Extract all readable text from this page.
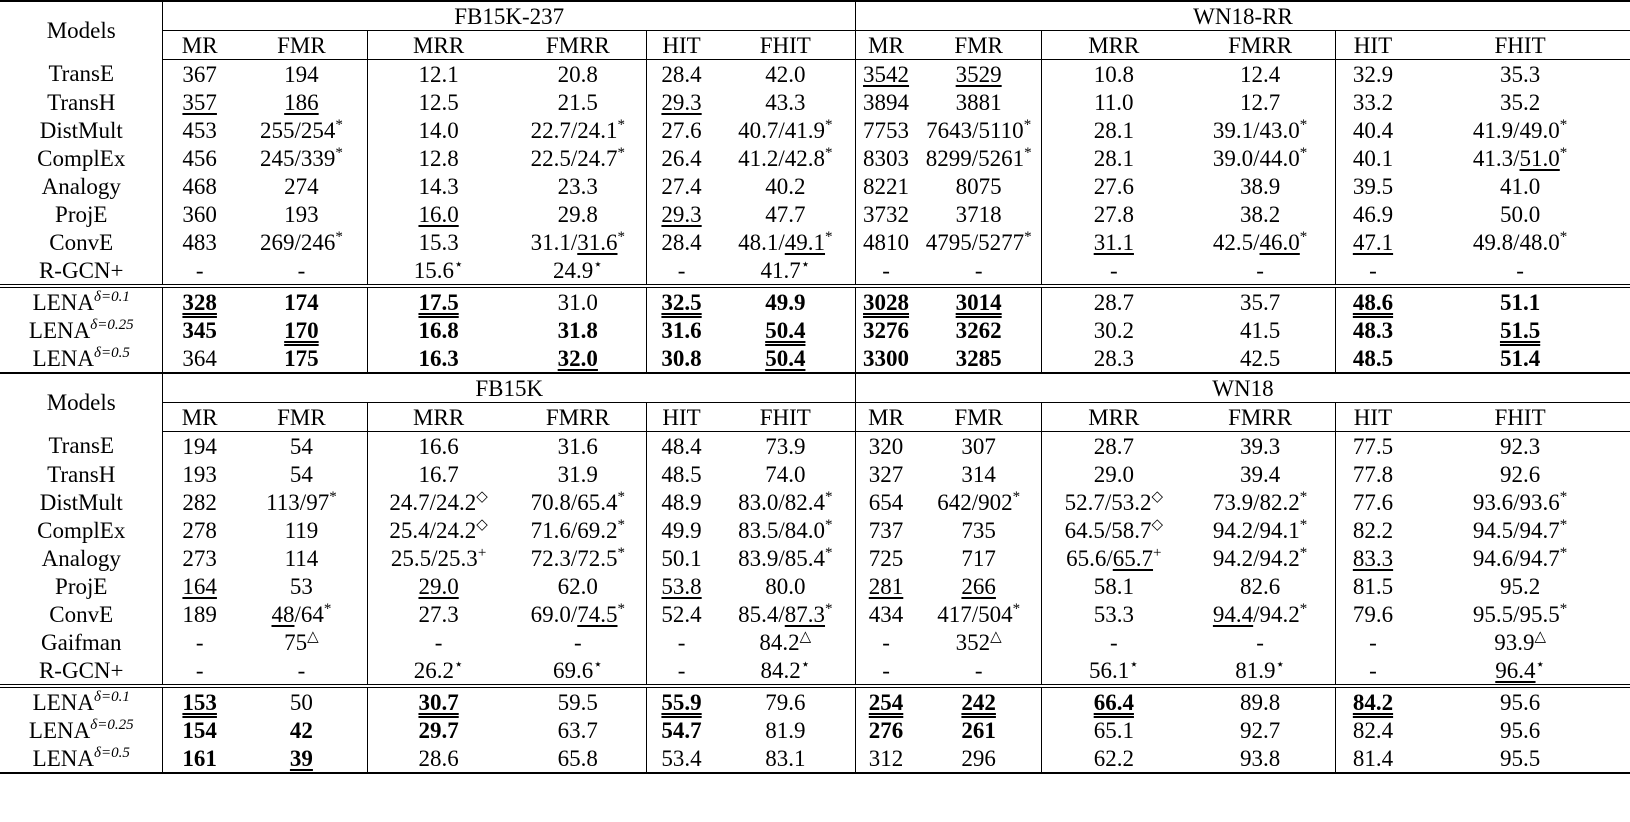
Models	FB15K-237						WN18-RR					
	MR	FMR	MRR	FMRR	HIT	FHIT	MR	FMR	MRR	FMRR	HIT	FHIT
TransE	367	194	12.1	20.8	28.4	42.0	3542	3529	10.8	12.4	32.9	35.3
TransH	357	186	12.5	21.5	29.3	43.3	3894	3881	11.0	12.7	33.2	35.2
DistMult	453	255/254*	14.0	22.7/24.1*	27.6	40.7/41.9*	7753	7643/5110*	28.1	39.1/43.0*	40.4	41.9/49.0*
ComplEx	456	245/339*	12.8	22.5/24.7*	26.4	41.2/42.8*	8303	8299/5261*	28.1	39.0/44.0*	40.1	41.3/51.0*
Analogy	468	274	14.3	23.3	27.4	40.2	8221	8075	27.6	38.9	39.5	41.0
ProjE	360	193	16.0	29.8	29.3	47.7	3732	3718	27.8	38.2	46.9	50.0
ConvE	483	269/246*	15.3	31.1/31.6*	28.4	48.1/49.1*	4810	4795/5277*	31.1	42.5/46.0*	47.1	49.8/48.0*
R-GCN+	-	-	15.6⋆	24.9⋆	-	41.7⋆	-	-	-	-	-	-
$LENA^{\delta=0.1}$	328	174	17.5	31.0	32.5	49.9	3028	3014	28.7	35.7	48.6	51.1
$LENA^{\delta=0.25}$	345	170	16.8	31.8	31.6	50.4	3276	3262	30.2	41.5	48.3	51.5
$LENA^{\delta=0.5}$	364	175	16.3	32.0	30.8	50.4	3300	3285	28.3	42.5	48.5	51.4
Models	FB15K						WN18					
	MR	FMR	MRR	FMRR	HIT	FHIT	MR	FMR	MRR	FMRR	HIT	FHIT
TransE	194	54	16.6	31.6	48.4	73.9	320	307	28.7	39.3	77.5	92.3
TransH	193	54	16.7	31.9	48.5	74.0	327	314	29.0	39.4	77.8	92.6
DistMult	282	113/97*	24.7/24.2◇	70.8/65.4*	48.9	83.0/82.4*	654	642/902*	52.7/53.2◇	73.9/82.2*	77.6	93.6/93.6*
ComplEx	278	119	25.4/24.2◇	71.6/69.2*	49.9	83.5/84.0*	737	735	64.5/58.7◇	94.2/94.1*	82.2	94.5/94.7*
Analogy	273	114	25.5/25.3+	72.3/72.5*	50.1	83.9/85.4*	725	717	65.6/65.7+	94.2/94.2*	83.3	94.6/94.7*
ProjE	164	53	29.0	62.0	53.8	80.0	281	266	58.1	82.6	81.5	95.2
ConvE	189	48/64*	27.3	69.0/74.5*	52.4	85.4/87.3*	434	417/504*	53.3	94.4/94.2*	79.6	95.5/95.5*
Gaifman	-	75△	-	-	-	84.2△	-	352△	-	-	-	93.9△
R-GCN+	-	-	26.2⋆	69.6⋆	-	84.2⋆	-	-	56.1⋆	81.9⋆	-	96.4⋆
$LENA^{\delta=0.1}$	153	50	30.7	59.5	55.9	79.6	254	242	66.4	89.8	84.2	95.6
$LENA^{\delta=0.25}$	154	42	29.7	63.7	54.7	81.9	276	261	65.1	92.7	82.4	95.6
$LENA^{\delta=0.5}$	161	39	28.6	65.8	53.4	83.1	312	296	62.2	93.8	81.4	95.5
